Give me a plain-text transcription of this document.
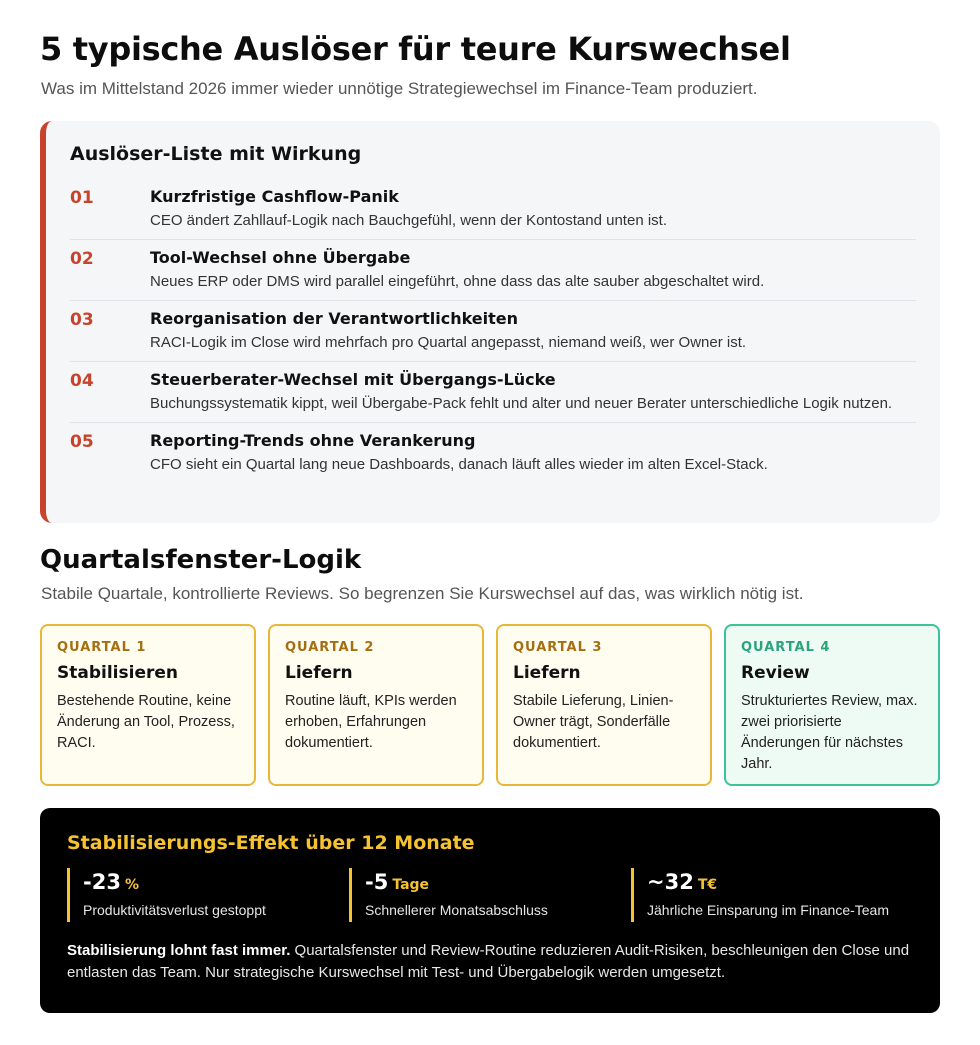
5 typische Auslöser für teure Kurswechsel

Was im Mittelstand 2026 immer wieder unnötige Strategiewechsel im Finance-Team produziert.

Auslöser-Liste mit Wirkung
01	Kurzfristige Cashflow-Panik
CEO ändert Zahllauf-Logik nach Bauchgefühl, wenn der Kontostand unten ist.
02	Tool-Wechsel ohne Übergabe
Neues ERP oder DMS wird parallel eingeführt, ohne dass das alte sauber abgeschaltet wird.
03	Reorganisation der Verantwortlichkeiten
RACI-Logik im Close wird mehrfach pro Quartal angepasst, niemand weiß, wer Owner ist.
04	Steuerberater-Wechsel mit Übergangs-Lücke
Buchungssystematik kippt, weil Übergabe-Pack fehlt und alter und neuer Berater unterschiedliche Logik nutzen.
05	Reporting-Trends ohne Verankerung
CFO sieht ein Quartal lang neue Dashboards, danach läuft alles wieder im alten Excel-Stack.
Quartalsfenster-Logik

Stabile Quartale, kontrollierte Reviews. So begrenzen Sie Kurswechsel auf das, was wirklich nötig ist.

QUARTAL 1
Stabilisieren
Bestehende Routine, keine Änderung an Tool, Prozess, RACI.
QUARTAL 2
Liefern
Routine läuft, KPIs werden erhoben, Erfahrungen dokumentiert.
QUARTAL 3
Liefern
Stabile Lieferung, Linien-Owner trägt, Sonderfälle dokumentiert.
QUARTAL 4
Review
Strukturiertes Review, max. zwei priorisierte Änderungen für nächstes Jahr.
Stabilisierungs-Effekt über 12 Monate
-23 %
Produktivitätsverlust gestoppt
-5 Tage
Schnellerer Monatsabschluss
~32 T€
Jährliche Einsparung im Finance-Team

Stabilisierung lohnt fast immer. Quartalsfenster und Review-Routine reduzieren Audit-Risiken, beschleunigen den Close und entlasten das Team. Nur strategische Kurswechsel mit Test- und Übergabelogik werden umgesetzt.
